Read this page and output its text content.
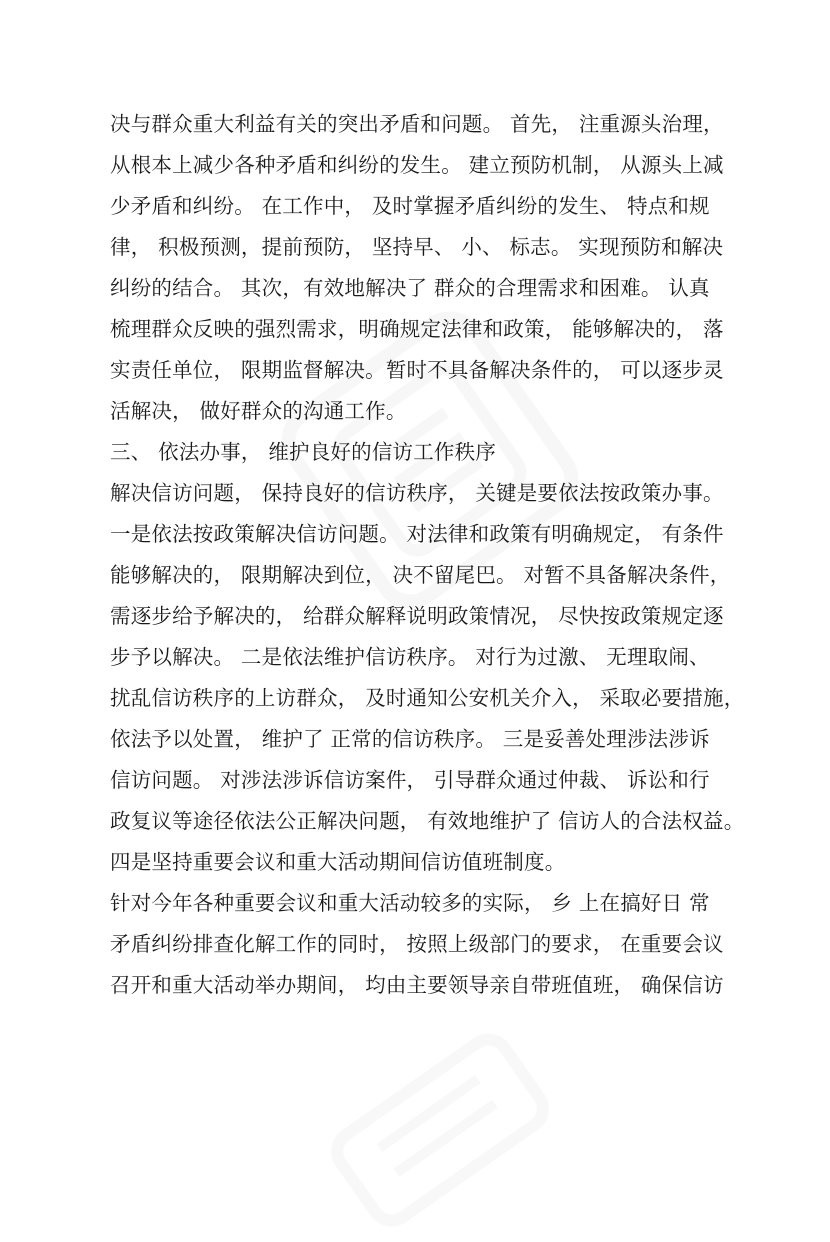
决与群众重大利益有关的突出矛盾和问题。 首先， 注重源头治理，
从根本上减少各种矛盾和纠纷的发生。 建立预防机制， 从源头上减
少矛盾和纠纷。 在工作中， 及时掌握矛盾纠纷的发生、 特点和规
律， 积极预测，提前预防， 坚持早、 小、 标志。 实现预防和解决
纠纷的结合。 其次，有效地解决了 群众的合理需求和困难。 认真
梳理群众反映的强烈需求，明确规定法律和政策， 能够解决的， 落
实责任单位， 限期监督解决。暂时不具备解决条件的， 可以逐步灵
活解决， 做好群众的沟通工作。
三、 依法办事， 维护良好的信访工作秩序
解决信访问题， 保持良好的信访秩序， 关键是要依法按政策办事。
一是依法按政策解决信访问题。 对法律和政策有明确规定， 有条件
能够解决的， 限期解决到位， 决不留尾巴。 对暂不具备解决条件，
需逐步给予解决的， 给群众解释说明政策情况， 尽快按政策规定逐
步予以解决。 二是依法维护信访秩序。 对行为过激、 无理取闹、
扰乱信访秩序的上访群众， 及时通知公安机关介入， 采取必要措施，
依法予以处置， 维护了 正常的信访秩序。 三是妥善处理涉法涉诉
信访问题。 对涉法涉诉信访案件， 引导群众通过仲裁、 诉讼和行
政复议等途径依法公正解决问题， 有效地维护了 信访人的合法权益。
四是坚持重要会议和重大活动期间信访值班制度。
针对今年各种重要会议和重大活动较多的实际， 乡 上在搞好日 常
矛盾纠纷排查化解工作的同时， 按照上级部门的要求， 在重要会议
召开和重大活动举办期间， 均由主要领导亲自带班值班， 确保信访
